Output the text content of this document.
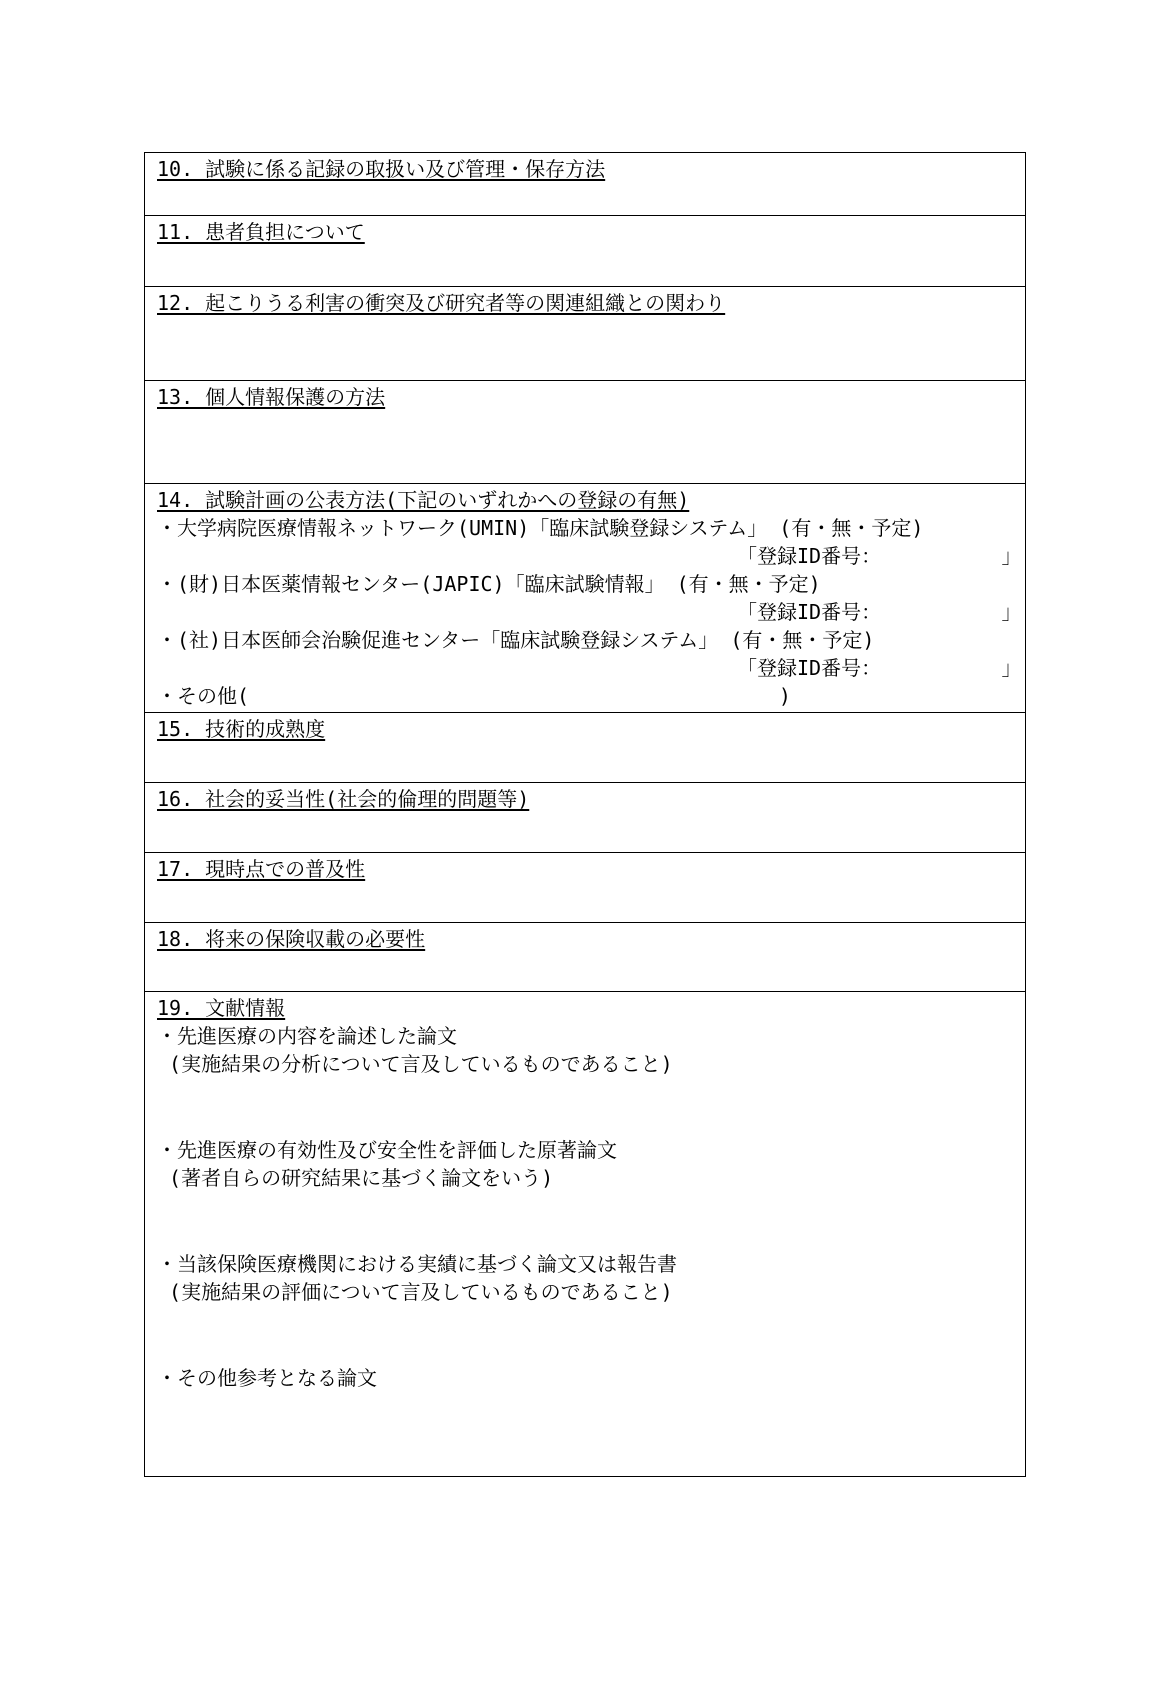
10. 試験に係る記録の取扱い及び管理・保存方法
11. 患者負担について
12. 起こりうる利害の衝突及び研究者等の関連組織との関わり
13. 個人情報保護の方法
14. 試験計画の公表方法(下記のいずれかへの登録の有無)
・大学病院医療情報ネットワーク(UMIN)「臨床試験登録システム」 (有・無・予定)
「登録ID番号：          」
・(財)日本医薬情報センター(JAPIC)「臨床試験情報」 (有・無・予定)
「登録ID番号：          」
・(社)日本医師会治験促進センター「臨床試験登録システム」 (有・無・予定)
「登録ID番号：          」
・その他(                                            )
15. 技術的成熟度
16. 社会的妥当性(社会的倫理的問題等)
17. 現時点での普及性
18. 将来の保険収載の必要性
19. 文献情報
・先進医療の内容を論述した論文
(実施結果の分析について言及しているものであること)
・先進医療の有効性及び安全性を評価した原著論文
(著者自らの研究結果に基づく論文をいう)
・当該保険医療機関における実績に基づく論文又は報告書
(実施結果の評価について言及しているものであること)
・その他参考となる論文
